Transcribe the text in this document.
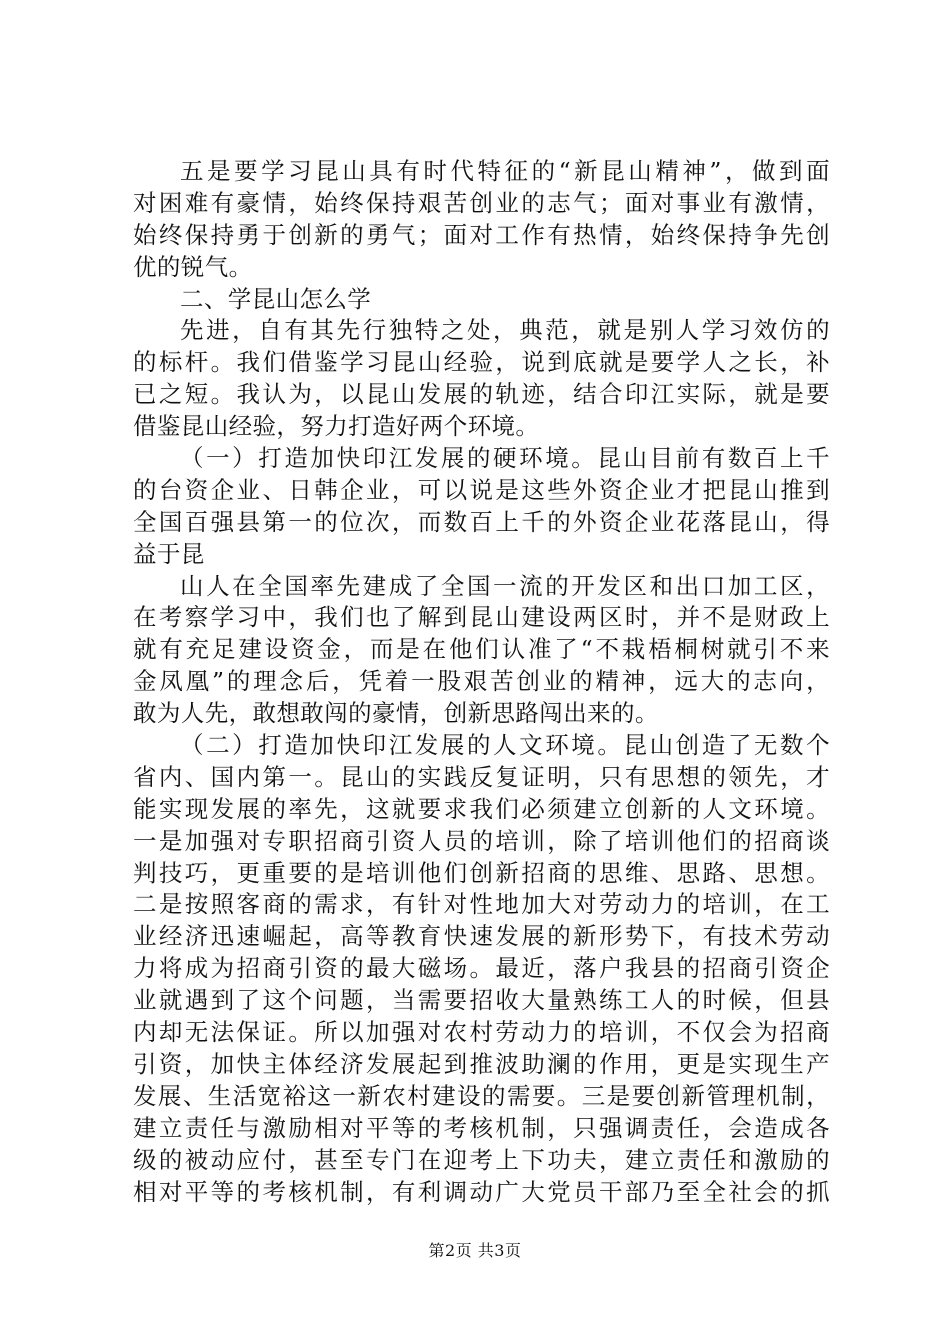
五是要学习昆山具有时代特征的“新昆山精神”，做到面
对困难有豪情，始终保持艰苦创业的志气；面对事业有激情，
始终保持勇于创新的勇气；面对工作有热情，始终保持争先创
优的锐气。
二、学昆山怎么学
先进，自有其先行独特之处，典范，就是别人学习效仿的
的标杆。我们借鉴学习昆山经验，说到底就是要学人之长，补
已之短。我认为，以昆山发展的轨迹，结合印江实际，就是要
借鉴昆山经验，努力打造好两个环境。
（一）打造加快印江发展的硬环境。昆山目前有数百上千
的台资企业、日韩企业，可以说是这些外资企业才把昆山推到
全国百强县第一的位次，而数百上千的外资企业花落昆山，得
益于昆
山人在全国率先建成了全国一流的开发区和出口加工区，
在考察学习中，我们也了解到昆山建设两区时，并不是财政上
就有充足建设资金，而是在他们认准了“不栽梧桐树就引不来
金凤凰”的理念后，凭着一股艰苦创业的精神，远大的志向，
敢为人先，敢想敢闯的豪情，创新思路闯出来的。
（二）打造加快印江发展的人文环境。昆山创造了无数个
省内、国内第一。昆山的实践反复证明，只有思想的领先，才
能实现发展的率先，这就要求我们必须建立创新的人文环境。
一是加强对专职招商引资人员的培训，除了培训他们的招商谈
判技巧，更重要的是培训他们创新招商的思维、思路、思想。
二是按照客商的需求，有针对性地加大对劳动力的培训，在工
业经济迅速崛起，高等教育快速发展的新形势下，有技术劳动
力将成为招商引资的最大磁场。最近，落户我县的招商引资企
业就遇到了这个问题，当需要招收大量熟练工人的时候，但县
内却无法保证。所以加强对农村劳动力的培训，不仅会为招商
引资，加快主体经济发展起到推波助澜的作用，更是实现生产
发展、生活宽裕这一新农村建设的需要。三是要创新管理机制，
建立责任与激励相对平等的考核机制，只强调责任，会造成各
级的被动应付，甚至专门在迎考上下功夫，建立责任和激励的
相对平等的考核机制，有利调动广大党员干部乃至全社会的抓
第2页 共3页
